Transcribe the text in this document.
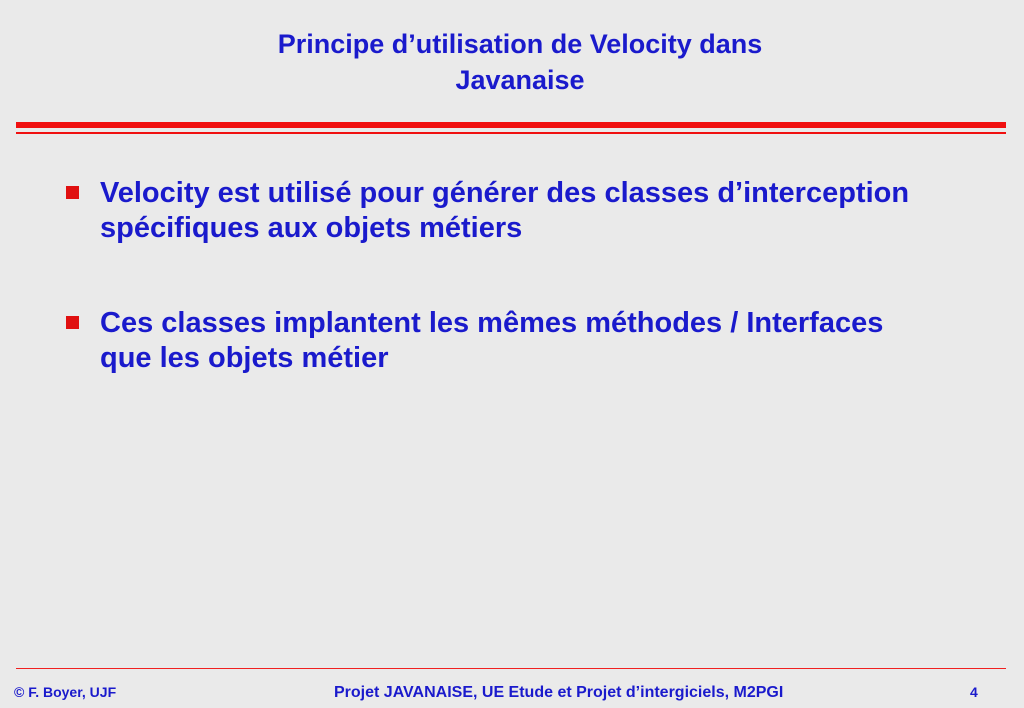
Principe d’utilisation de Velocity dans
Javanaise
Velocity est utilisé pour générer des classes d’interception
spécifiques aux objets métiers
Ces classes implantent les mêmes méthodes / Interfaces
que les objets métier
© F. Boyer, UJF	Projet JAVANAISE, UE Etude et Projet d’intergiciels, M2PGI	4
